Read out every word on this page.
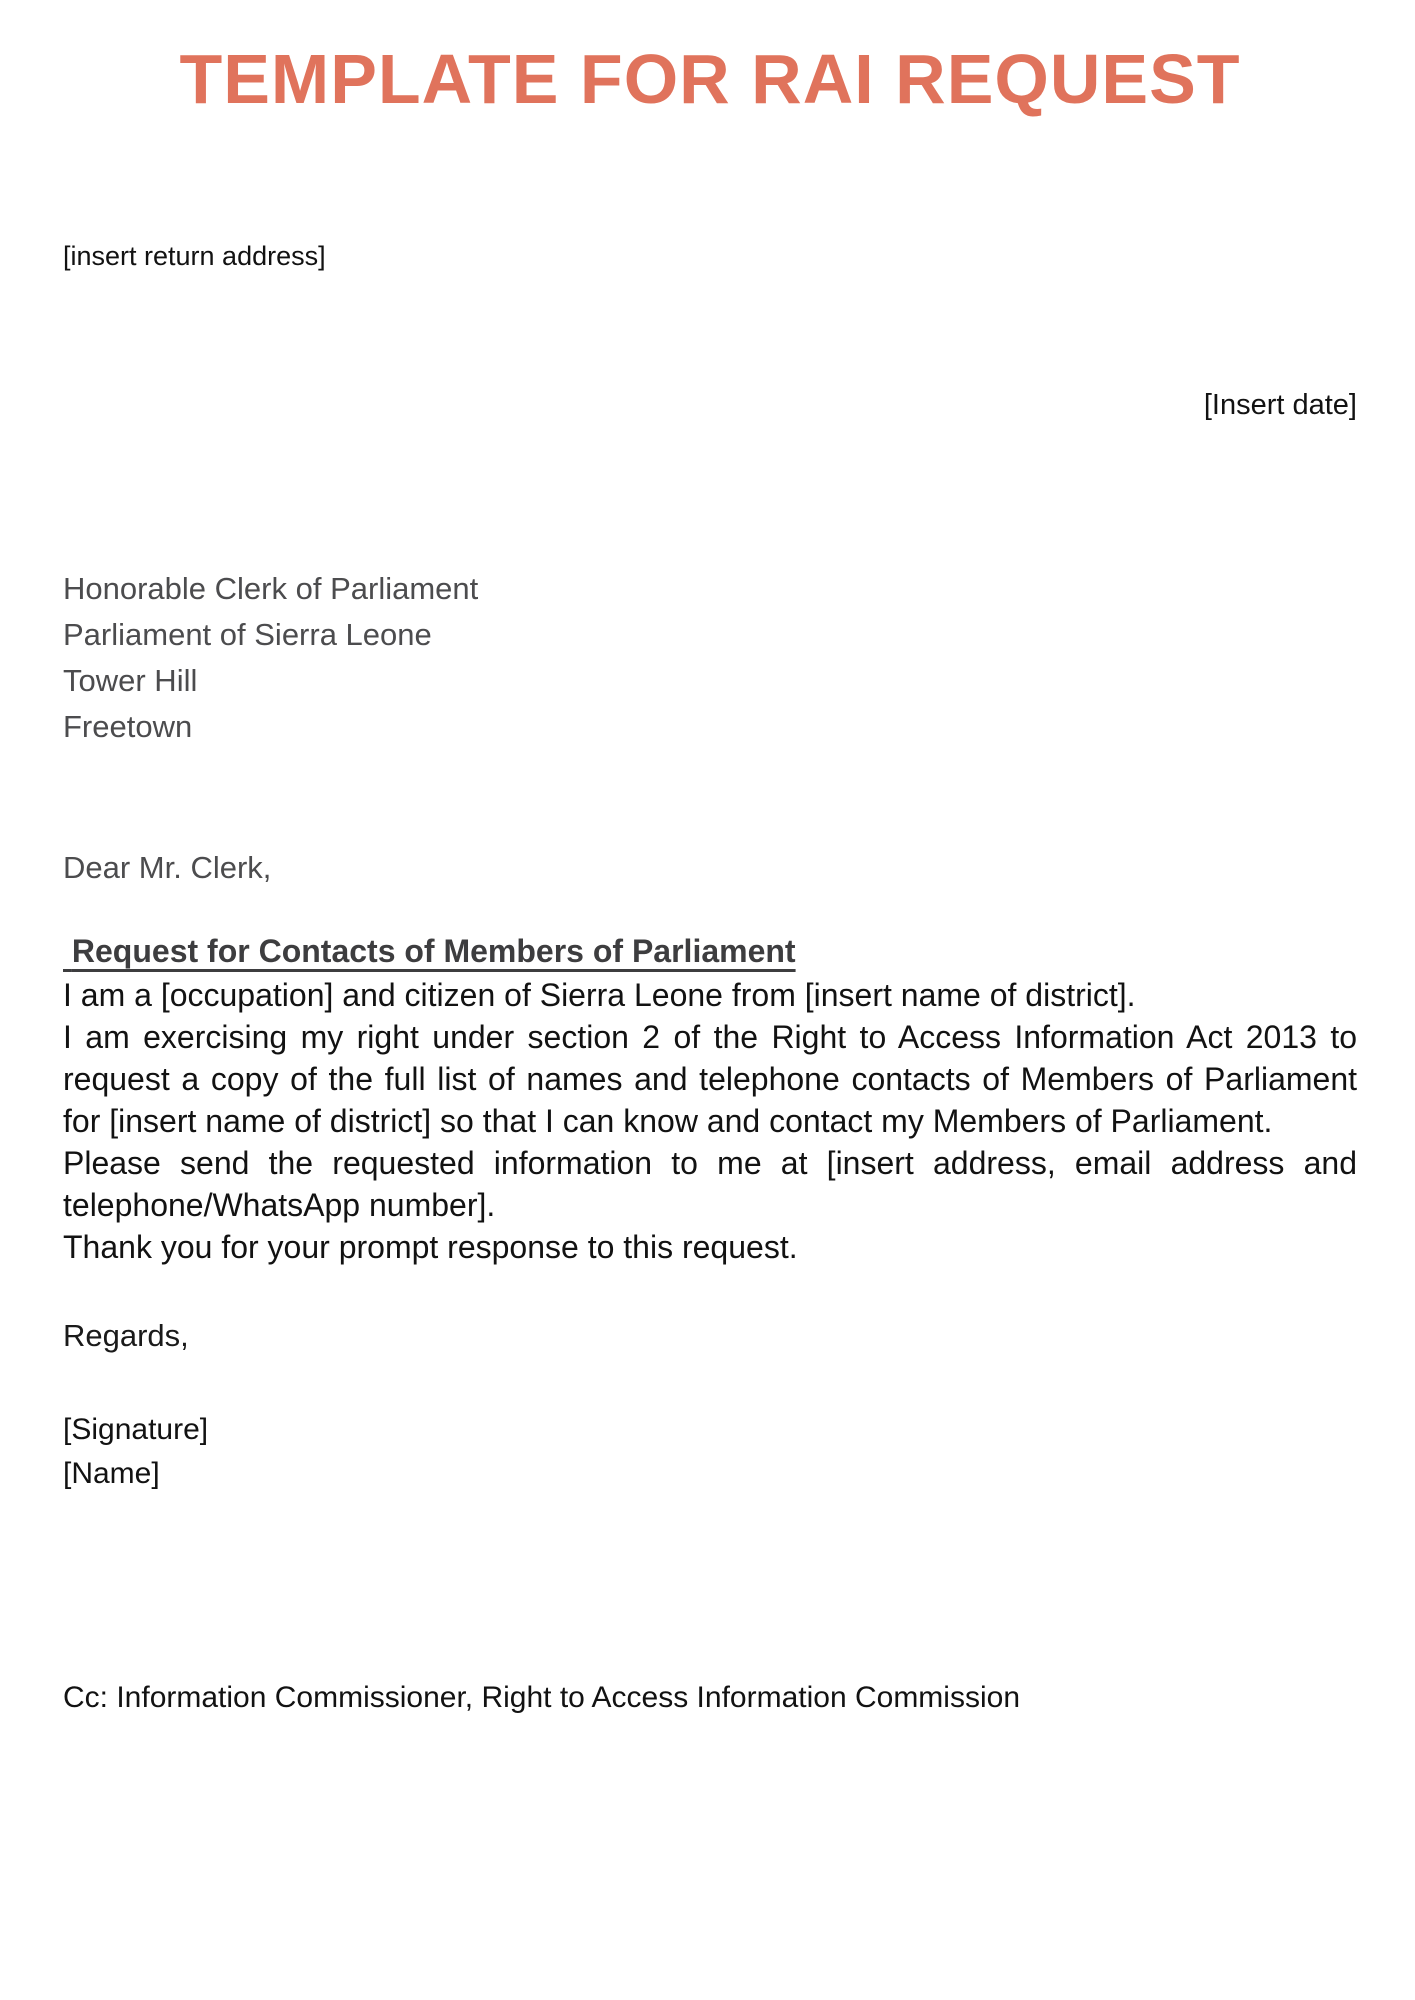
TEMPLATE FOR RAI REQUEST
[insert return address]
[Insert date]
Honorable Clerk of Parliament
Parliament of Sierra Leone
Tower Hill
Freetown
Dear Mr. Clerk,
Request for Contacts of Members of Parliament

I am a [occupation] and citizen of Sierra Leone from [insert name of district].

I am exercising my right under section 2 of the Right to Access Information Act 2013 to request a copy of the full list of names and telephone contacts of Members of Parliament for [insert name of district] so that I can know and contact my Members of Parliament.

Please send the requested information to me at [insert address, email address and telephone/WhatsApp number].

Thank you for your prompt response to this request.

Regards,
[Signature]
[Name]
Cc: Information Commissioner, Right to Access Information Commission
